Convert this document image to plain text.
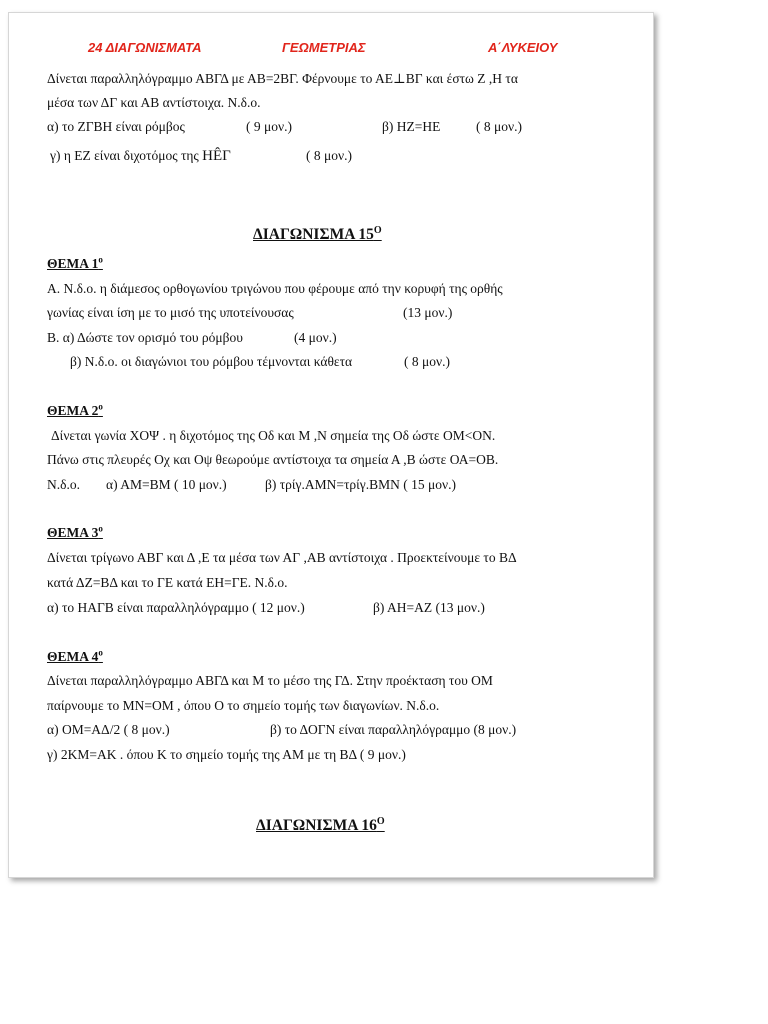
24 ΔΙΑΓΩΝΙΣΜΑΤΑ	ΓΕΩΜΕΤΡΙΑΣ	Α΄ΛΥΚΕΙΟΥ
Δίνεται παραλληλόγραμμο ΑΒΓΔ με ΑΒ=2ΒΓ. Φέρνουμε το ΑΕ⊥ΒΓ και έστω Ζ ,Η τα
μέσα των ΔΓ και ΑΒ αντίστοιχα. Ν.δ.ο.
α) το ΖΓΒΗ είναι ρόμβος	( 9 μον.)	β) ΗΖ=ΗΕ	( 8 μον.)
γ) η ΕΖ είναι διχοτόμος της ΗÊΓ	( 8 μον.)
ΔΙΑΓΩΝΙΣΜΑ $15^O$
ΘΕΜΑ $1^o$
Α. Ν.δ.ο. η διάμεσος ορθογωνίου τριγώνου που φέρουμε από την κορυφή της ορθής
γωνίας είναι ίση με το μισό της υποτείνουσας	(13 μον.)
Β. α) Δώστε τον ορισμό του ρόμβου	(4 μον.)
β) Ν.δ.ο. οι διαγώνιοι του ρόμβου τέμνονται κάθετα	( 8 μον.)
ΘΕΜΑ $2^o$
Δίνεται γωνία ΧΟΨ . η διχοτόμος της Οδ και Μ ,Ν σημεία της Οδ ώστε ΟΜ<ΟΝ.
Πάνω στις πλευρές Οχ και Οψ θεωρούμε αντίστοιχα τα σημεία Α ,Β ώστε ΟΑ=ΟΒ.
Ν.δ.ο. α) ΑΜ=ΒΜ ( 10 μον.)	β) τρίγ.ΑΜΝ=τρίγ.ΒΜΝ ( 15 μον.)
ΘΕΜΑ $3^o$
Δίνεται τρίγωνο ΑΒΓ και Δ ,Ε τα μέσα των ΑΓ ,ΑΒ αντίστοιχα . Προεκτείνουμε το ΒΔ
κατά ΔΖ=ΒΔ και το ΓΕ κατά ΕΗ=ΓΕ. Ν.δ.ο.
α) το ΗΑΓΒ είναι παραλληλόγραμμο ( 12 μον.)	β) ΑΗ=ΑΖ (13 μον.)
ΘΕΜΑ $4^o$
Δίνεται παραλληλόγραμμο ΑΒΓΔ και Μ το μέσο της ΓΔ. Στην προέκταση του ΟΜ
παίρνουμε το ΜΝ=ΟΜ , όπου Ο το σημείο τομής των διαγωνίων. Ν.δ.ο.
α) ΟΜ=ΑΔ/2 ( 8 μον.)	β) το ΔΟΓΝ είναι παραλληλόγραμμο (8 μον.)
γ) 2ΚΜ=ΑΚ . όπου Κ το σημείο τομής της ΑΜ με τη ΒΔ ( 9 μον.)
ΔΙΑΓΩΝΙΣΜΑ $16^O$
